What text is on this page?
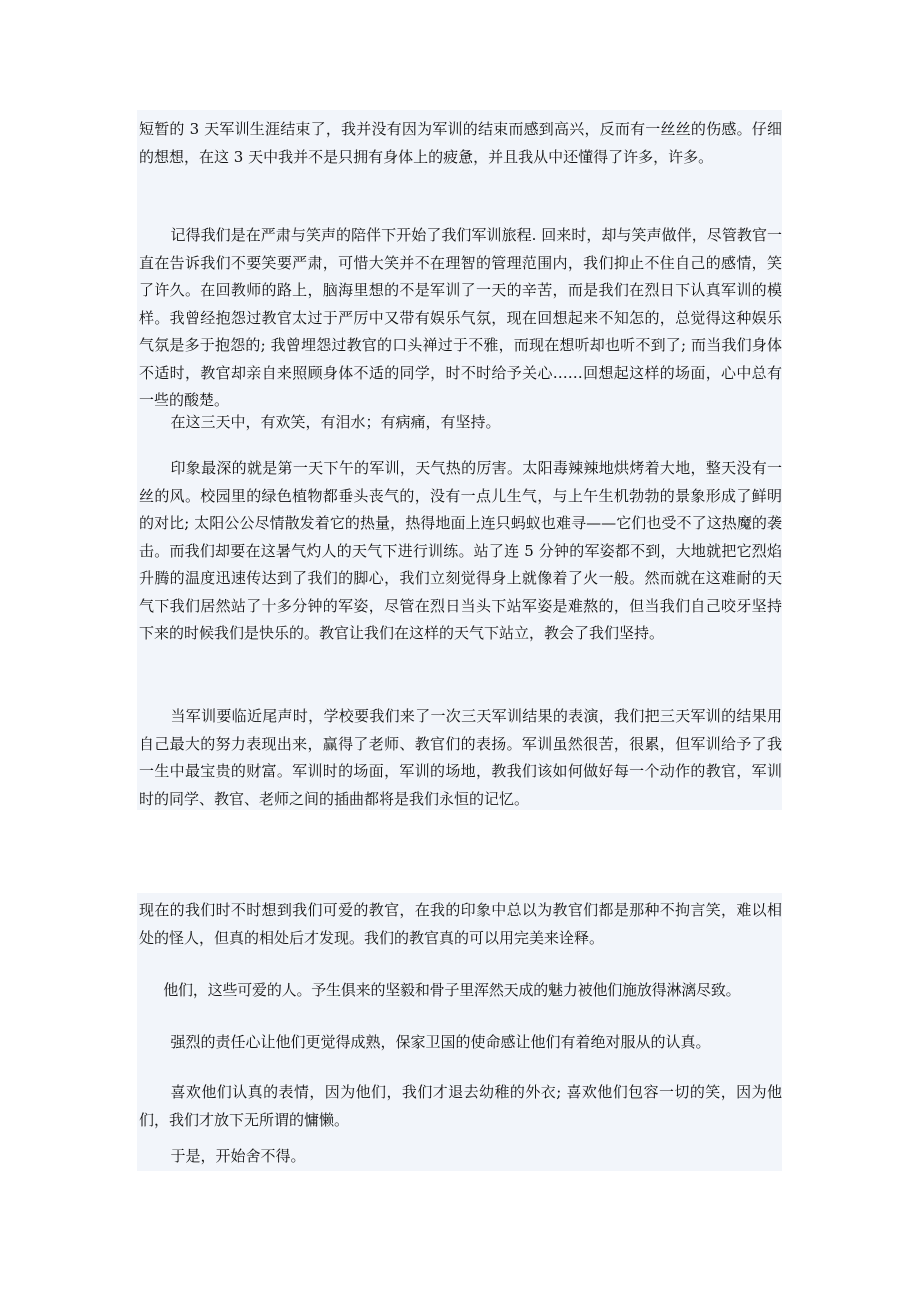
短暂的 3 天军训生涯结束了，我并没有因为军训的结束而感到高兴，反而有一丝丝的伤感。仔细的想想，在这 3 天中我并不是只拥有身体上的疲惫，并且我从中还懂得了许多，许多。

记得我们是在严肃与笑声的陪伴下开始了我们军训旅程. 回来时，却与笑声做伴，尽管教官一直在告诉我们不要笑要严肃，可惜大笑并不在理智的管理范围内，我们抑止不住自己的感情，笑了许久。在回教师的路上，脑海里想的不是军训了一天的辛苦，而是我们在烈日下认真军训的模样。我曾经抱怨过教官太过于严厉中又带有娱乐气氛，现在回想起来不知怎的，总觉得这种娱乐气氛是多于抱怨的; 我曾埋怨过教官的口头禅过于不雅，而现在想听却也听不到了; 而当我们身体不适时，教官却亲自来照顾身体不适的同学，时不时给予关心……回想起这样的场面，心中总有一些的酸楚。

在这三天中，有欢笑，有泪水；有病痛，有坚持。

印象最深的就是第一天下午的军训，天气热的厉害。太阳毒辣辣地烘烤着大地，整天没有一丝的风。校园里的绿色植物都垂头丧气的，没有一点儿生气，与上午生机勃勃的景象形成了鲜明的对比; 太阳公公尽情散发着它的热量，热得地面上连只蚂蚁也难寻——它们也受不了这热魔的袭击。而我们却要在这暑气灼人的天气下进行训练。站了连 5 分钟的军姿都不到，大地就把它烈焰升腾的温度迅速传达到了我们的脚心，我们立刻觉得身上就像着了火一般。然而就在这难耐的天气下我们居然站了十多分钟的军姿，尽管在烈日当头下站军姿是难熬的，但当我们自己咬牙坚持下来的时候我们是快乐的。教官让我们在这样的天气下站立，教会了我们坚持。

当军训要临近尾声时，学校要我们来了一次三天军训结果的表演，我们把三天军训的结果用自己最大的努力表现出来，赢得了老师、教官们的表扬。军训虽然很苦，很累，但军训给予了我一生中最宝贵的财富。军训时的场面，军训的场地，教我们该如何做好每一个动作的教官，军训时的同学、教官、老师之间的插曲都将是我们永恒的记忆。

现在的我们时不时想到我们可爱的教官，在我的印象中总以为教官们都是那种不拘言笑，难以相处的怪人，但真的相处后才发现。我们的教官真的可以用完美来诠释。

他们，这些可爱的人。予生俱来的坚毅和骨子里浑然天成的魅力被他们施放得淋漓尽致。

强烈的责任心让他们更觉得成熟，保家卫国的使命感让他们有着绝对服从的认真。

喜欢他们认真的表情，因为他们，我们才退去幼稚的外衣; 喜欢他们包容一切的笑，因为他们，我们才放下无所谓的慵懒。

于是，开始舍不得。
